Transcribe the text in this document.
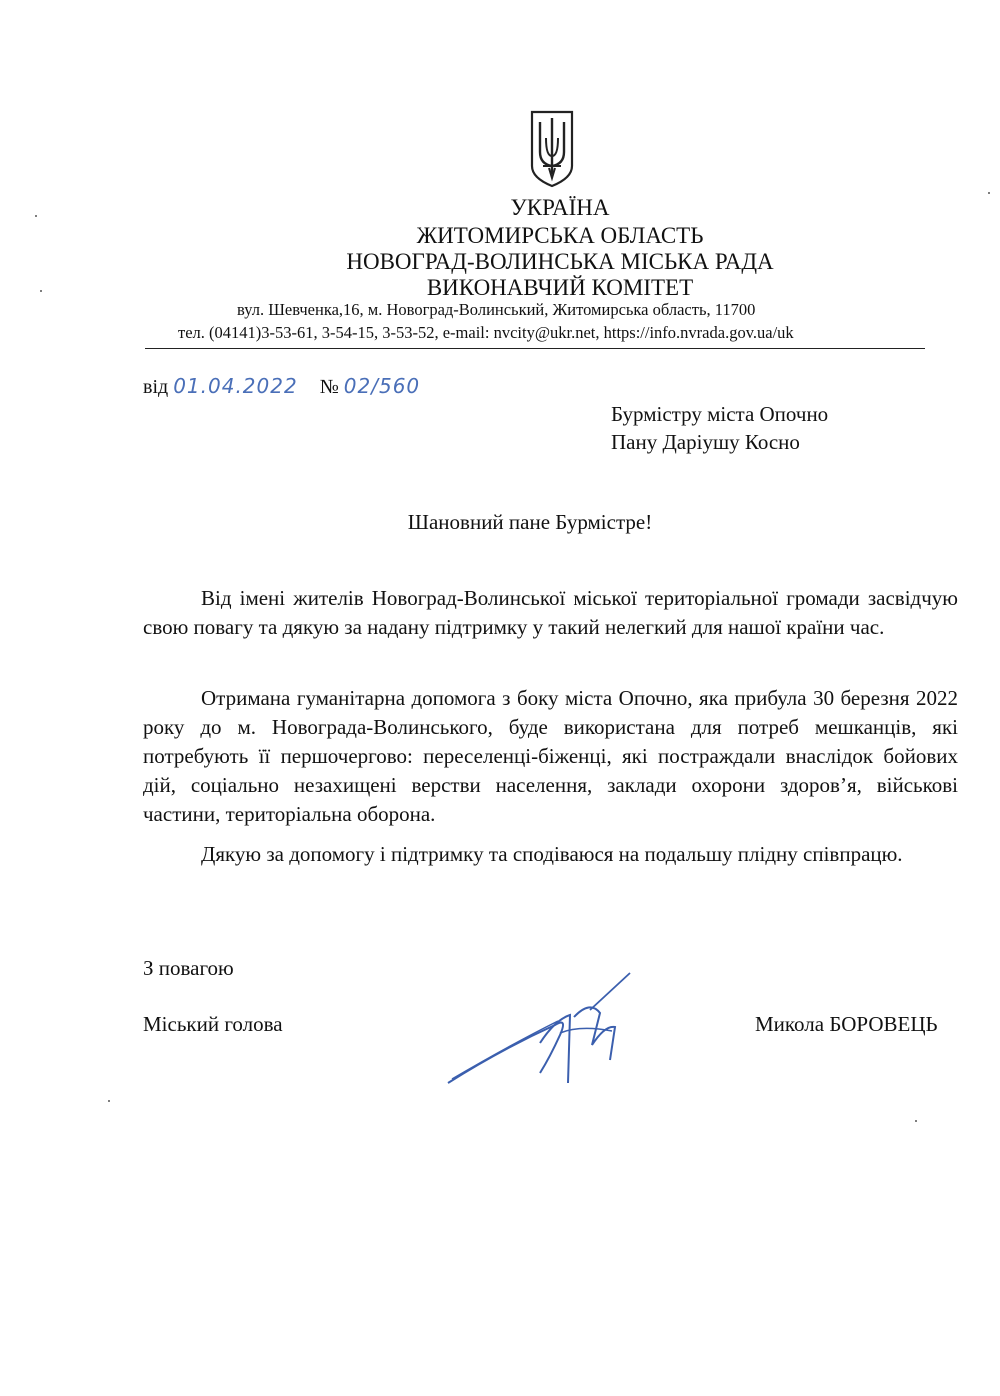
УКРАЇНА
ЖИТОМИРСЬКА ОБЛАСТЬ
НОВОГРАД-ВОЛИНСЬКА МІСЬКА РАДА
ВИКОНАВЧИЙ КОМІТЕТ
вул. Шевченка,16, м. Новоград-Волинський, Житомирська область, 11700
тел. (04141)3-53-61, 3-54-15, 3-53-52, e-mail: nvcity@ukr.net, https://info.nvrada.gov.ua/uk
від 01.04.2022 № 02/560
Бурмістру міста Опочно
Пану Даріушу Косно
Шановний пане Бурмістре!

Від імені жителів Новоград-Волинської міської територіальної громади засвідчую свою повагу та дякую за надану підтримку у такий нелегкий для нашої країни час.

Отримана гуманітарна допомога з боку міста Опочно, яка прибула 30 березня 2022 року до м. Новограда-Волинського, буде використана для потреб мешканців, які потребують її першочергово: переселенці-біженці, які постраждали внаслідок бойових дій, соціально незахищені верстви населення, заклади охорони здоров’я, військові частини, територіальна оборона.

Дякую за допомогу і підтримку та сподіваюся на подальшу плідну співпрацю.

З повагою
Міський голова	Микола БОРОВЕЦЬ
